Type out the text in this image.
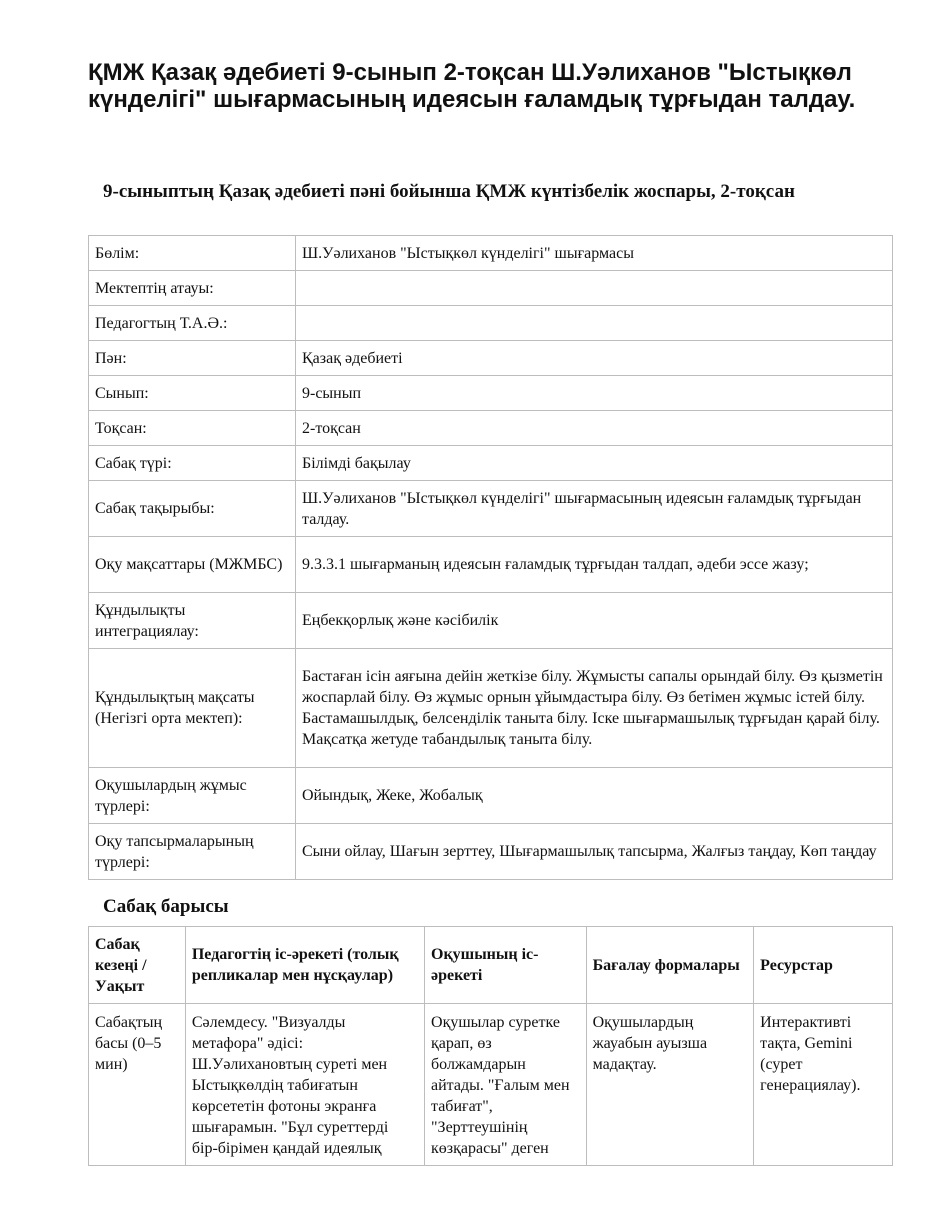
ҚМЖ Қазақ әдебиеті 9-сынып 2-тоқсан Ш.Уәлиханов "Ыстықкөл күнделігі" шығармасының идеясын ғаламдық тұрғыдан талдау.
9-сыныптың Қазақ әдебиеті пәні бойынша ҚМЖ күнтізбелік жоспары, 2-тоқсан
Бөлім:	Ш.Уәлиханов "Ыстықкөл күнделігі" шығармасы
Мектептің атауы:	
Педагогтың Т.А.Ә.:	
Пән:	Қазақ әдебиеті
Сынып:	9-сынып
Тоқсан:	2-тоқсан
Сабақ түрі:	Білімді бақылау
Сабақ тақырыбы:	Ш.Уәлиханов "Ыстықкөл күнделігі" шығармасының идеясын ғаламдық тұрғыдан талдау.
Оқу мақсаттары (МЖМБС)	9.3.3.1 шығарманың идеясын ғаламдық тұрғыдан талдап, әдеби эссе жазу;
Құндылықты интеграциялау:	Еңбекқорлық және кәсібилік
Құндылықтың мақсаты (Негізгі орта мектеп):	Бастаған ісін аяғына дейін жеткізе білу. Жұмысты сапалы орындай білу. Өз қызметін жоспарлай білу. Өз жұмыс орнын ұйымдастыра білу. Өз бетімен жұмыс істей білу. Бастамашылдық, белсенділік таныта білу. Іске шығармашылық тұрғыдан қарай білу. Мақсатқа жетуде табандылық таныта білу.
Оқушылардың жұмыс түрлері:	Ойындық, Жеке, Жобалық
Оқу тапсырмаларының түрлері:	Сыни ойлау, Шағын зерттеу, Шығармашылық тапсырма, Жалғыз таңдау, Көп таңдау
Сабақ барысы
Сабақ кезеңі / Уақыт	Педагогтің іс-әрекеті (толық репликалар мен нұсқаулар)	Оқушының іс-әрекеті	Бағалау формалары	Ресурстар
Сабақтың басы (0–5 мин)	Сәлемдесу. "Визуалды метафора" әдісі: Ш.Уәлихановтың суреті мен Ыстықкөлдің табиғатын көрсететін фотоны экранға шығарамын. "Бұл суреттерді бір-бірімен қандай идеялық	Оқушылар суретке қарап, өз болжамдарын айтады. "Ғалым мен табиғат", "Зерттеушінің көзқарасы" деген	Оқушылардың жауабын ауызша мадақтау.	Интерактивті тақта, Gemini (сурет генерациялау).
